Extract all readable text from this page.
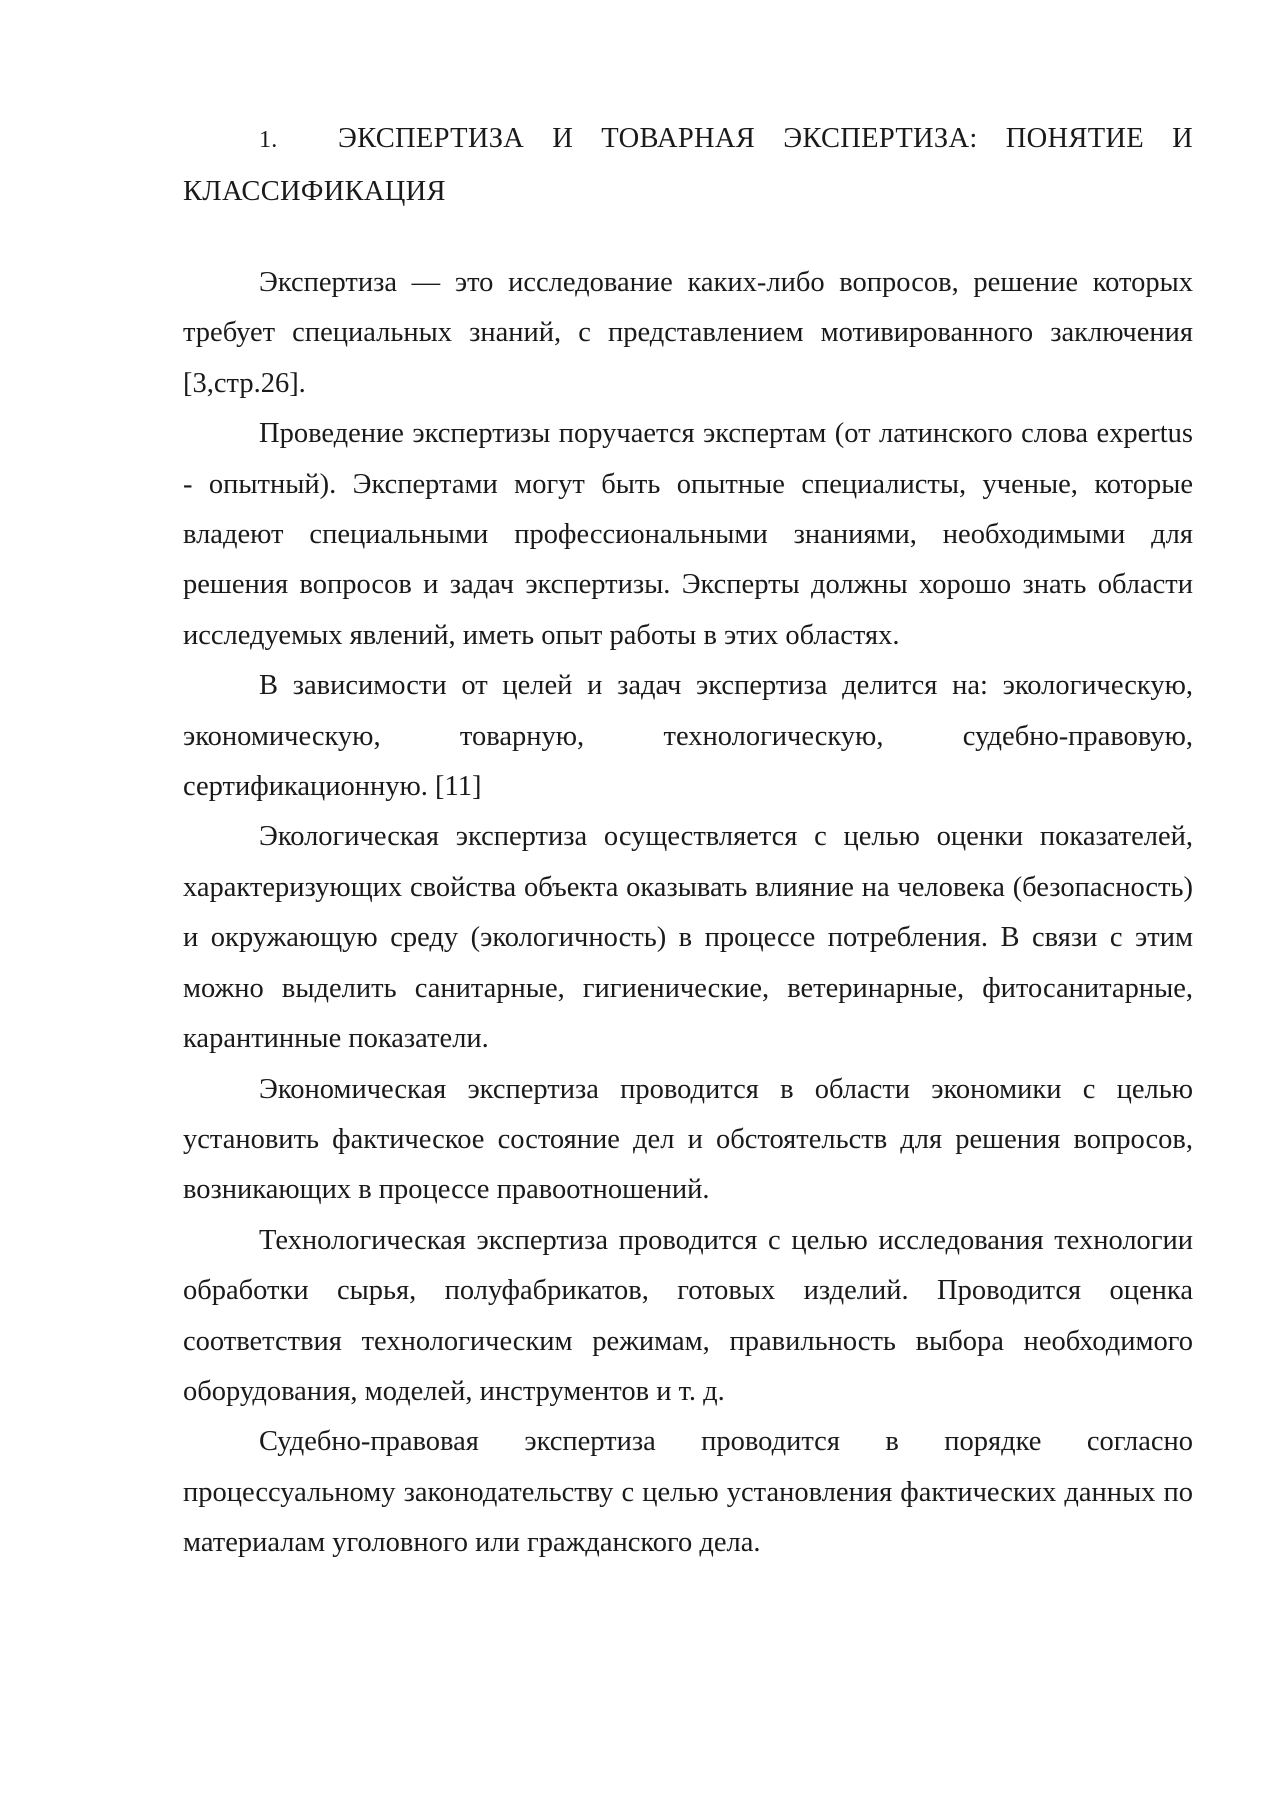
1. ЭКСПЕРТИЗА И ТОВАРНАЯ ЭКСПЕРТИЗА: ПОНЯТИЕ И КЛАССИФИКАЦИЯ

Экспертиза — это исследование каких-либо вопросов, решение которых требует специальных знаний, с представлением мотивированного заключения [3,стр.26].

Проведение экспертизы поручается экспертам (от латинского слова expertus - опытный). Экспертами могут быть опытные специалисты, ученые, которые владеют специальными профессиональными знаниями, необходимыми для решения вопросов и задач экспертизы. Эксперты должны хорошо знать области исследуемых явлений, иметь опыт работы в этих областях.

В зависимости от целей и задач экспертиза делится на: экологическую, экономическую, товарную, технологическую, судебно-правовую, сертификационную. [11]

Экологическая экспертиза осуществляется с целью оценки показателей, характеризующих свойства объекта оказывать влияние на человека (безопасность) и окружающую среду (экологичность) в процессе потребления. В связи с этим можно выделить санитарные, гигиенические, ветеринарные, фитосанитарные, карантинные показатели.

Экономическая экспертиза проводится в области экономики с целью установить фактическое состояние дел и обстоятельств для решения вопросов, возникающих в процессе правоотношений.

Технологическая экспертиза проводится с целью исследования технологии обработки сырья, полуфабрикатов, готовых изделий. Проводится оценка соответствия технологическим режимам, правильность выбора необходимого оборудования, моделей, инструментов и т. д.

Судебно-правовая экспертиза проводится в порядке согласно процессуальному законодательству с целью установления фактических данных по материалам уголовного или гражданского дела.
